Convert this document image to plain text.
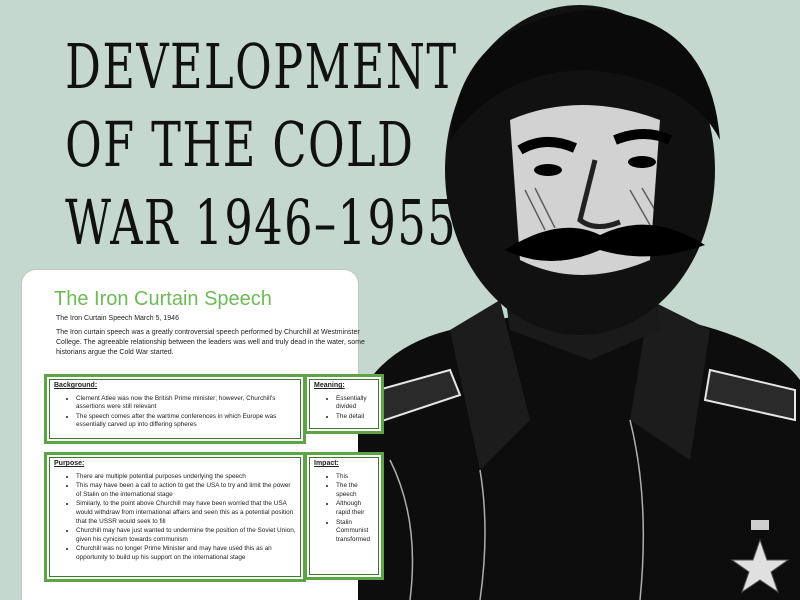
The Iron Curtain Speech
The Iron Curtain Speech March 5, 1946
The Iron curtain speech was a greatly controversial speech performed by Churchill at Westminster College. The agreeable relationship between the leaders was well and truly dead in the water, some historians argue the Cold War started.
Background:
• Clement Atlee was now the British Prime minister; however, Churchill's assertions were still relevant
• The speech comes after the wartime conferences in which Europe was essentially carved up into differing spheres
Meaning:
• Essentially divided
• The detail
Purpose:
• There are multiple potential purposes underlying the speech
• This may have been a call to action to get the USA to try and limit the power of Stalin on the international stage
• Similarly, to the point above Churchill may have been worried that the USA would withdraw from international affairs and seen this as a potential position that the USSR would seek to fill
• Churchill may have just wanted to undermine the position of the Soviet Union, given his cynicism towards communism
• Churchill was no longer Prime Minister and may have used this as an opportunity to build up his support on the international stage
Impact:
• This
• The the speech
• Although rapid their
• Stalin Communist transformed
DEVELOPMENT
OF THE COLD
WAR 1946–1955
